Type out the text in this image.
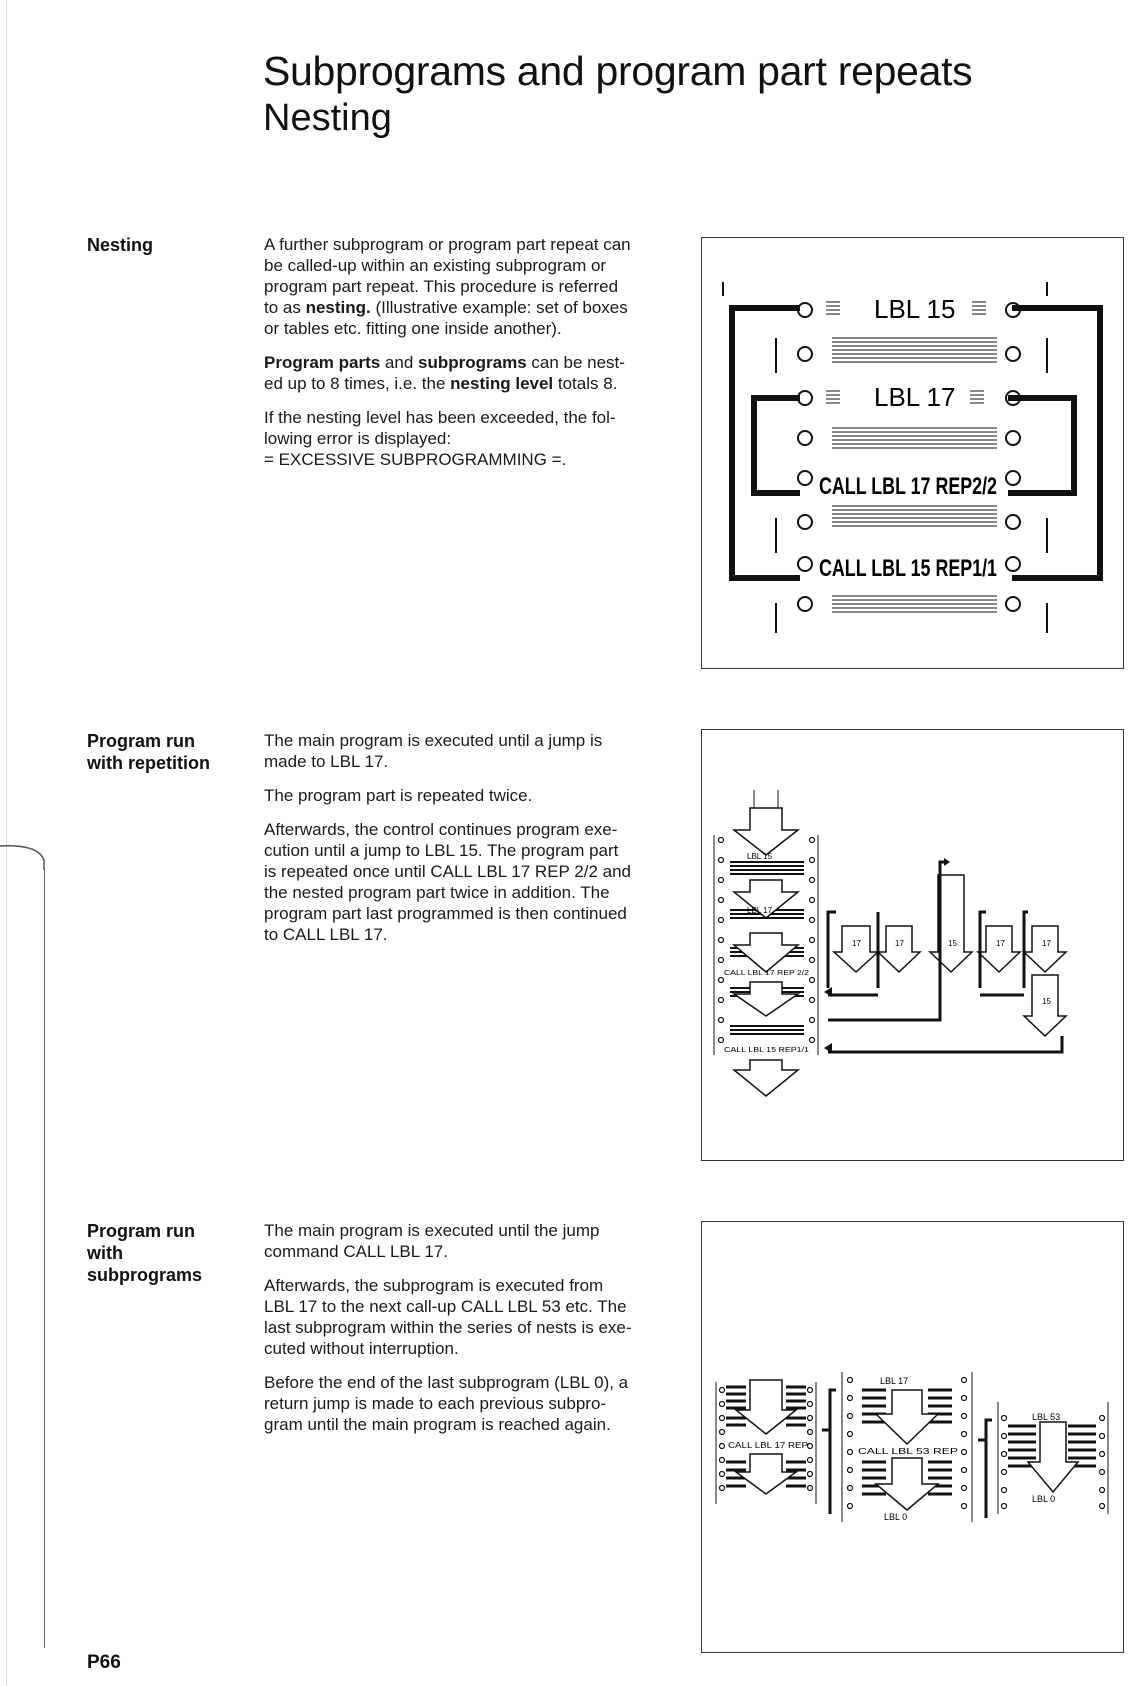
Subprograms and program part repeats
Nesting
Nesting	A further subprogram or program part repeat can
be called-up within an existing subprogram or
program part repeat. This procedure is referred
to as nesting. (Illustrative example: set of boxes
or tables etc. fitting one inside another).

Program parts and subprograms can be nest-
ed up to 8 times, i.e. the nesting level totals 8.

If the nesting level has been exceeded, the fol-
lowing error is displayed:
= EXCESSIVE SUBPROGRAMMING =.

LBL 15
LBL 17
CALL LBL 17 REP2/2
CALL LBL 15 REP1/1
Program run
with repetition

The main program is executed until a jump is
made to LBL 17.

The program part is repeated twice.

Afterwards, the control continues program exe-
cution until a jump to LBL 15. The program part
is repeated once until CALL LBL 17 REP 2/2 and
the nested program part twice in addition. The
program part last programmed is then continued
to CALL LBL 17.

LBL 15
LBL 17
CALL LBL 17 REP 2/2
CALL LBL 15 REP1/1
17	17	15	17	17
15
Program run
with
subprograms

The main program is executed until the jump
command CALL LBL 17.

Afterwards, the subprogram is executed from
LBL 17 to the next call-up CALL LBL 53 etc. The
last subprogram within the series of nests is exe-
cuted without interruption.

Before the end of the last subprogram (LBL 0), a
return jump is made to each previous subpro-
gram until the main program is reached again.

CALL LBL 17 REP
LBL 17
CALL LBL 53 REP
LBL 0
LBL 53
LBL 0
P66
